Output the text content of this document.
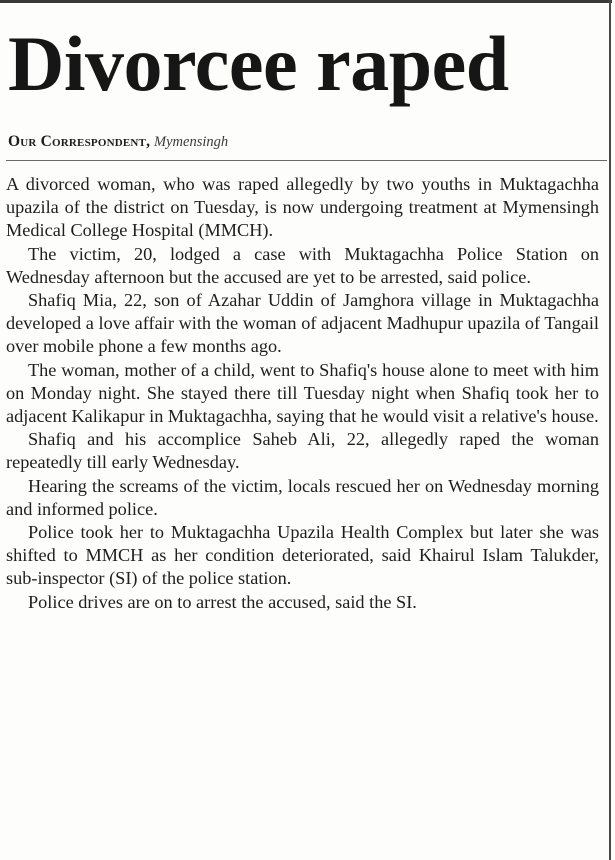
Divorcee raped
Our Correspondent, Mymensingh

A divorced woman, who was raped allegedly by two youths in Muktagachha upazila of the district on Tuesday, is now undergoing treatment at Mymensingh Medical College Hospital (MMCH).

The victim, 20, lodged a case with Muktagachha Police Station on Wednesday afternoon but the accused are yet to be arrested, said police.

Shafiq Mia, 22, son of Azahar Uddin of Jamghora village in Muktagachha developed a love affair with the woman of adjacent Madhupur upazila of Tangail over mobile phone a few months ago.

The woman, mother of a child, went to Shafiq's house alone to meet with him on Monday night. She stayed there till Tuesday night when Shafiq took her to adjacent Kalikapur in Muktagachha, saying that he would visit a relative's house.

Shafiq and his accomplice Saheb Ali, 22, allegedly raped the woman repeatedly till early Wednesday.

Hearing the screams of the victim, locals rescued her on Wednesday morning and informed police.

Police took her to Muktagachha Upazila Health Complex but later she was shifted to MMCH as her condition deteriorated, said Khairul Islam Talukder, sub-inspector (SI) of the police station.

Police drives are on to arrest the accused, said the SI.
